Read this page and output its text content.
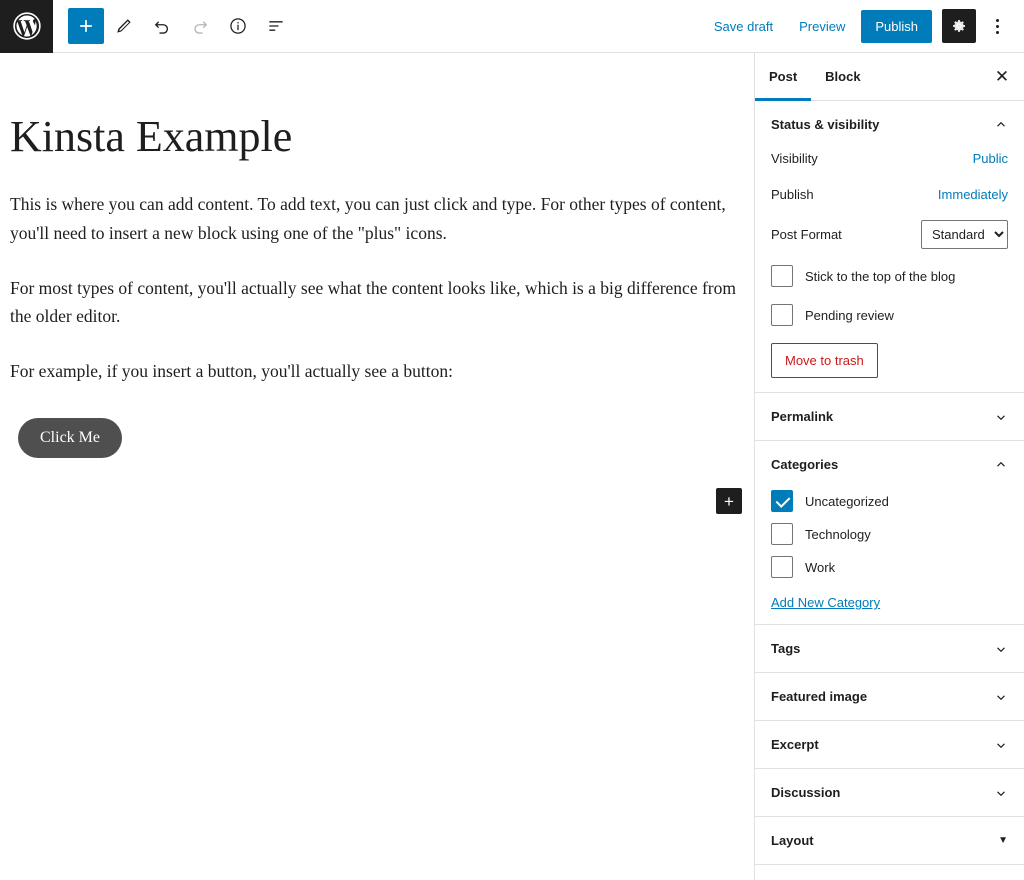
Save draft	Preview	Publish
Kinsta Example

This is where you can add content. To add text, you can just click and type. For other types of content, you'll need to insert a new block using one of the "plus" icons.

For most types of content, you'll actually see what the content looks like, which is a big difference from the older editor.

For example, if you insert a button, you'll actually see a button:

Click Me
+
Post	Block	✕
Status & visibility
Visibility	Public
Publish	Immediately
Post Format
Standard
Stick to the top of the blog
Pending review
Move to trash
Permalink
Categories
Uncategorized
Technology
Work
Add New Category
Tags
Featured image
Excerpt
Discussion
Layout	▼
